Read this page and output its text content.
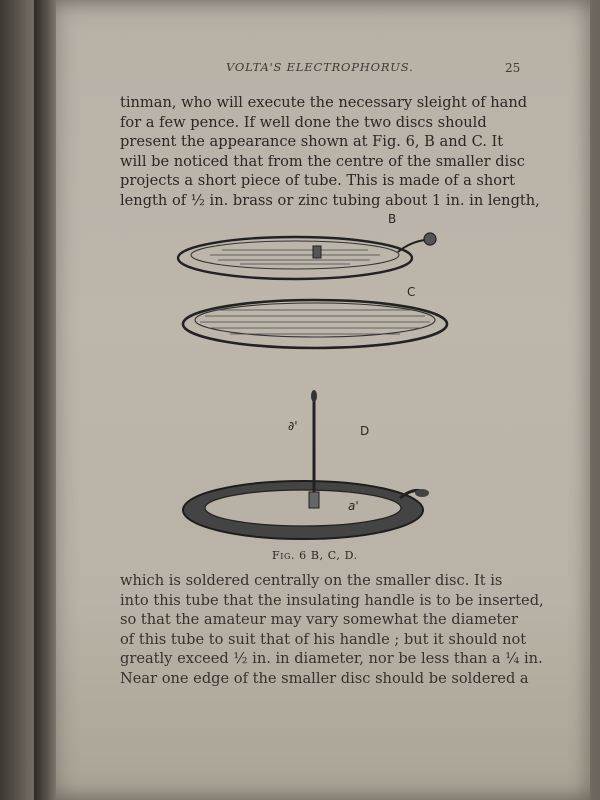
VOLTA'S ELECTROPHORUS.	25
tinman, who will execute the necessary sleight of hand
for a few pence. If well done the two discs should
present the appearance shown at Fig. 6, B and C. It
will be noticed that from the centre of the smaller disc
projects a short piece of tube. This is made of a short
length of ½ in. brass or zinc tubing about 1 in. in length,
B
C
D
∂'
a'
Fig. 6 B, C, D.
which is soldered centrally on the smaller disc. It is
into this tube that the insulating handle is to be inserted,
so that the amateur may vary somewhat the diameter
of this tube to suit that of his handle ; but it should not
greatly exceed ½ in. in diameter, nor be less than a ¼ in.
Near one edge of the smaller disc should be soldered a
